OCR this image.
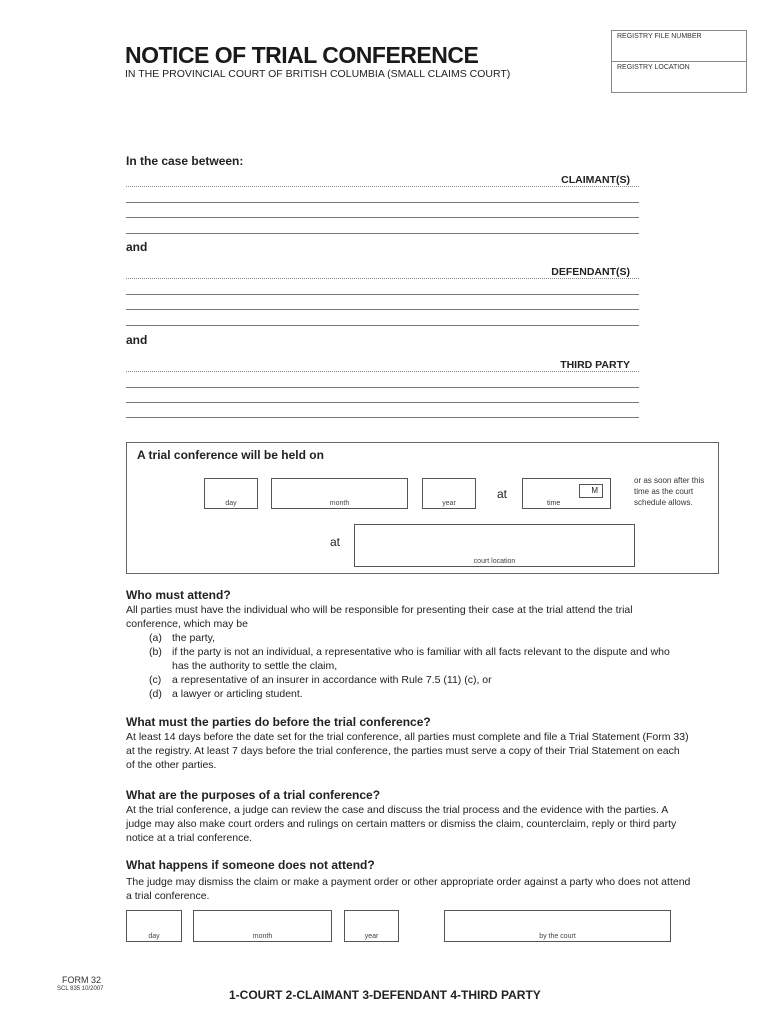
REGISTRY FILE NUMBER
REGISTRY LOCATION
NOTICE OF TRIAL CONFERENCE
IN THE PROVINCIAL COURT OF BRITISH COLUMBIA (SMALL CLAIMS COURT)
In the case between:
CLAIMANT(S)
and
DEFENDANT(S)
and
THIRD PARTY
A trial conference will be held on
day	month	year
at
time
M
or as soon after this time as the court schedule allows.
at
court location
Who must attend?
All parties must have the individual who will be responsible for presenting their case at the trial attend the trial conference, which may be
(a) the party,
(b) if the party is not an individual, a representative who is familiar with all facts relevant to the dispute and who has the authority to settle the claim,
(c) a representative of an insurer in accordance with Rule 7.5 (11) (c), or
(d) a lawyer or articling student.
What must the parties do before the trial conference?
At least 14 days before the date set for the trial conference, all parties must complete and file a Trial Statement (Form 33) at the registry. At least 7 days before the trial conference, the parties must serve a copy of their Trial Statement on each of the other parties.
What are the purposes of a trial conference?
At the trial conference, a judge can review the case and discuss the trial process and the evidence with the parties. A judge may also make court orders and rulings on certain matters or dismiss the claim, counterclaim, reply or third party notice at a trial conference.
What happens if someone does not attend?
The judge may dismiss the claim or make a payment order or other appropriate order against a party who does not attend a trial conference.
day	month	year	by the court
FORM 32
SCL 835 10/2007	1-COURT 2-CLAIMANT 3-DEFENDANT 4-THIRD PARTY
